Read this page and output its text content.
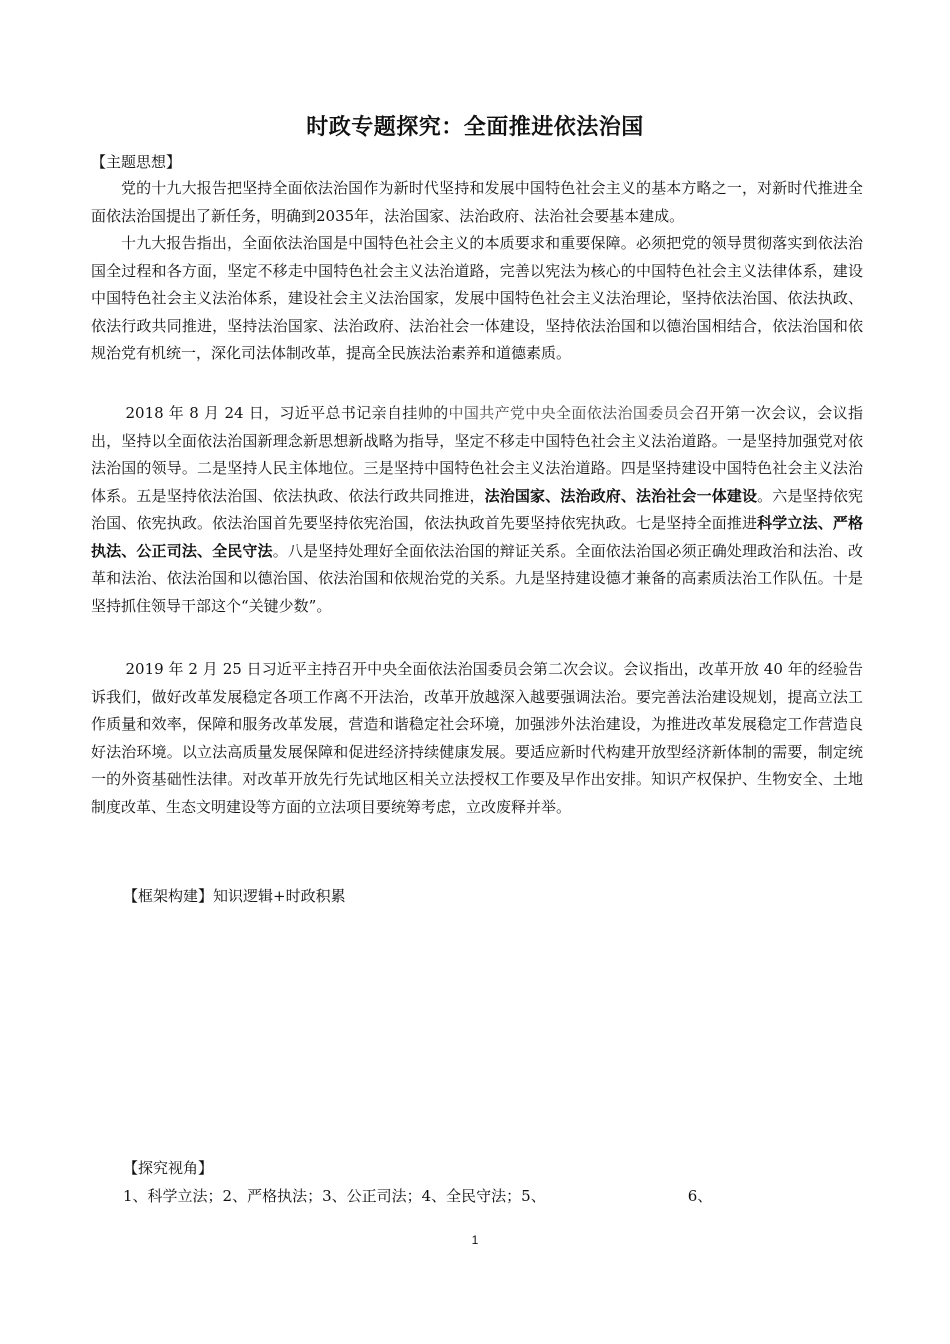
时政专题探究：全面推进依法治国
【主题思想】
党的十九大报告把坚持全面依法治国作为新时代坚持和发展中国特色社会主义的基本方略之一，对新时代推进全面依法治国提出了新任务，明确到2035年，法治国家、法治政府、法治社会要基本建成。
十九大报告指出，全面依法治国是中国特色社会主义的本质要求和重要保障。必须把党的领导贯彻落实到依法治国全过程和各方面，坚定不移走中国特色社会主义法治道路，完善以宪法为核心的中国特色社会主义法律体系，建设中国特色社会主义法治体系，建设社会主义法治国家，发展中国特色社会主义法治理论，坚持依法治国、依法执政、依法行政共同推进，坚持法治国家、法治政府、法治社会一体建设，坚持依法治国和以德治国相结合，依法治国和依规治党有机统一，深化司法体制改革，提高全民族法治素养和道德素质。
2018 年 8 月 24 日，习近平总书记亲自挂帅的中国共产党中央全面依法治国委员会召开第一次会议，会议指出，坚持以全面依法治国新理念新思想新战略为指导，坚定不移走中国特色社会主义法治道路。一是坚持加强党对依法治国的领导。二是坚持人民主体地位。三是坚持中国特色社会主义法治道路。四是坚持建设中国特色社会主义法治体系。五是坚持依法治国、依法执政、依法行政共同推进，法治国家、法治政府、法治社会一体建设。六是坚持依宪治国、依宪执政。依法治国首先要坚持依宪治国，依法执政首先要坚持依宪执政。七是坚持全面推进科学立法、严格执法、公正司法、全民守法。八是坚持处理好全面依法治国的辩证关系。全面依法治国必须正确处理政治和法治、改革和法治、依法治国和以德治国、依法治国和依规治党的关系。九是坚持建设德才兼备的高素质法治工作队伍。十是坚持抓住领导干部这个“关键少数”。
2019 年 2 月 25 日习近平主持召开中央全面依法治国委员会第二次会议。会议指出，改革开放 40 年的经验告诉我们，做好改革发展稳定各项工作离不开法治，改革开放越深入越要强调法治。要完善法治建设规划，提高立法工作质量和效率，保障和服务改革发展，营造和谐稳定社会环境，加强涉外法治建设，为推进改革发展稳定工作营造良好法治环境。以立法高质量发展保障和促进经济持续健康发展。要适应新时代构建开放型经济新体制的需要，制定统一的外资基础性法律。对改革开放先行先试地区相关立法授权工作要及早作出安排。知识产权保护、生物安全、土地制度改革、生态文明建设等方面的立法项目要统筹考虑，立改废释并举。
【框架构建】知识逻辑+时政积累
【探究视角】
1、科学立法；2、严格执法；3、公正司法；4、全民守法；5、	6、
1
